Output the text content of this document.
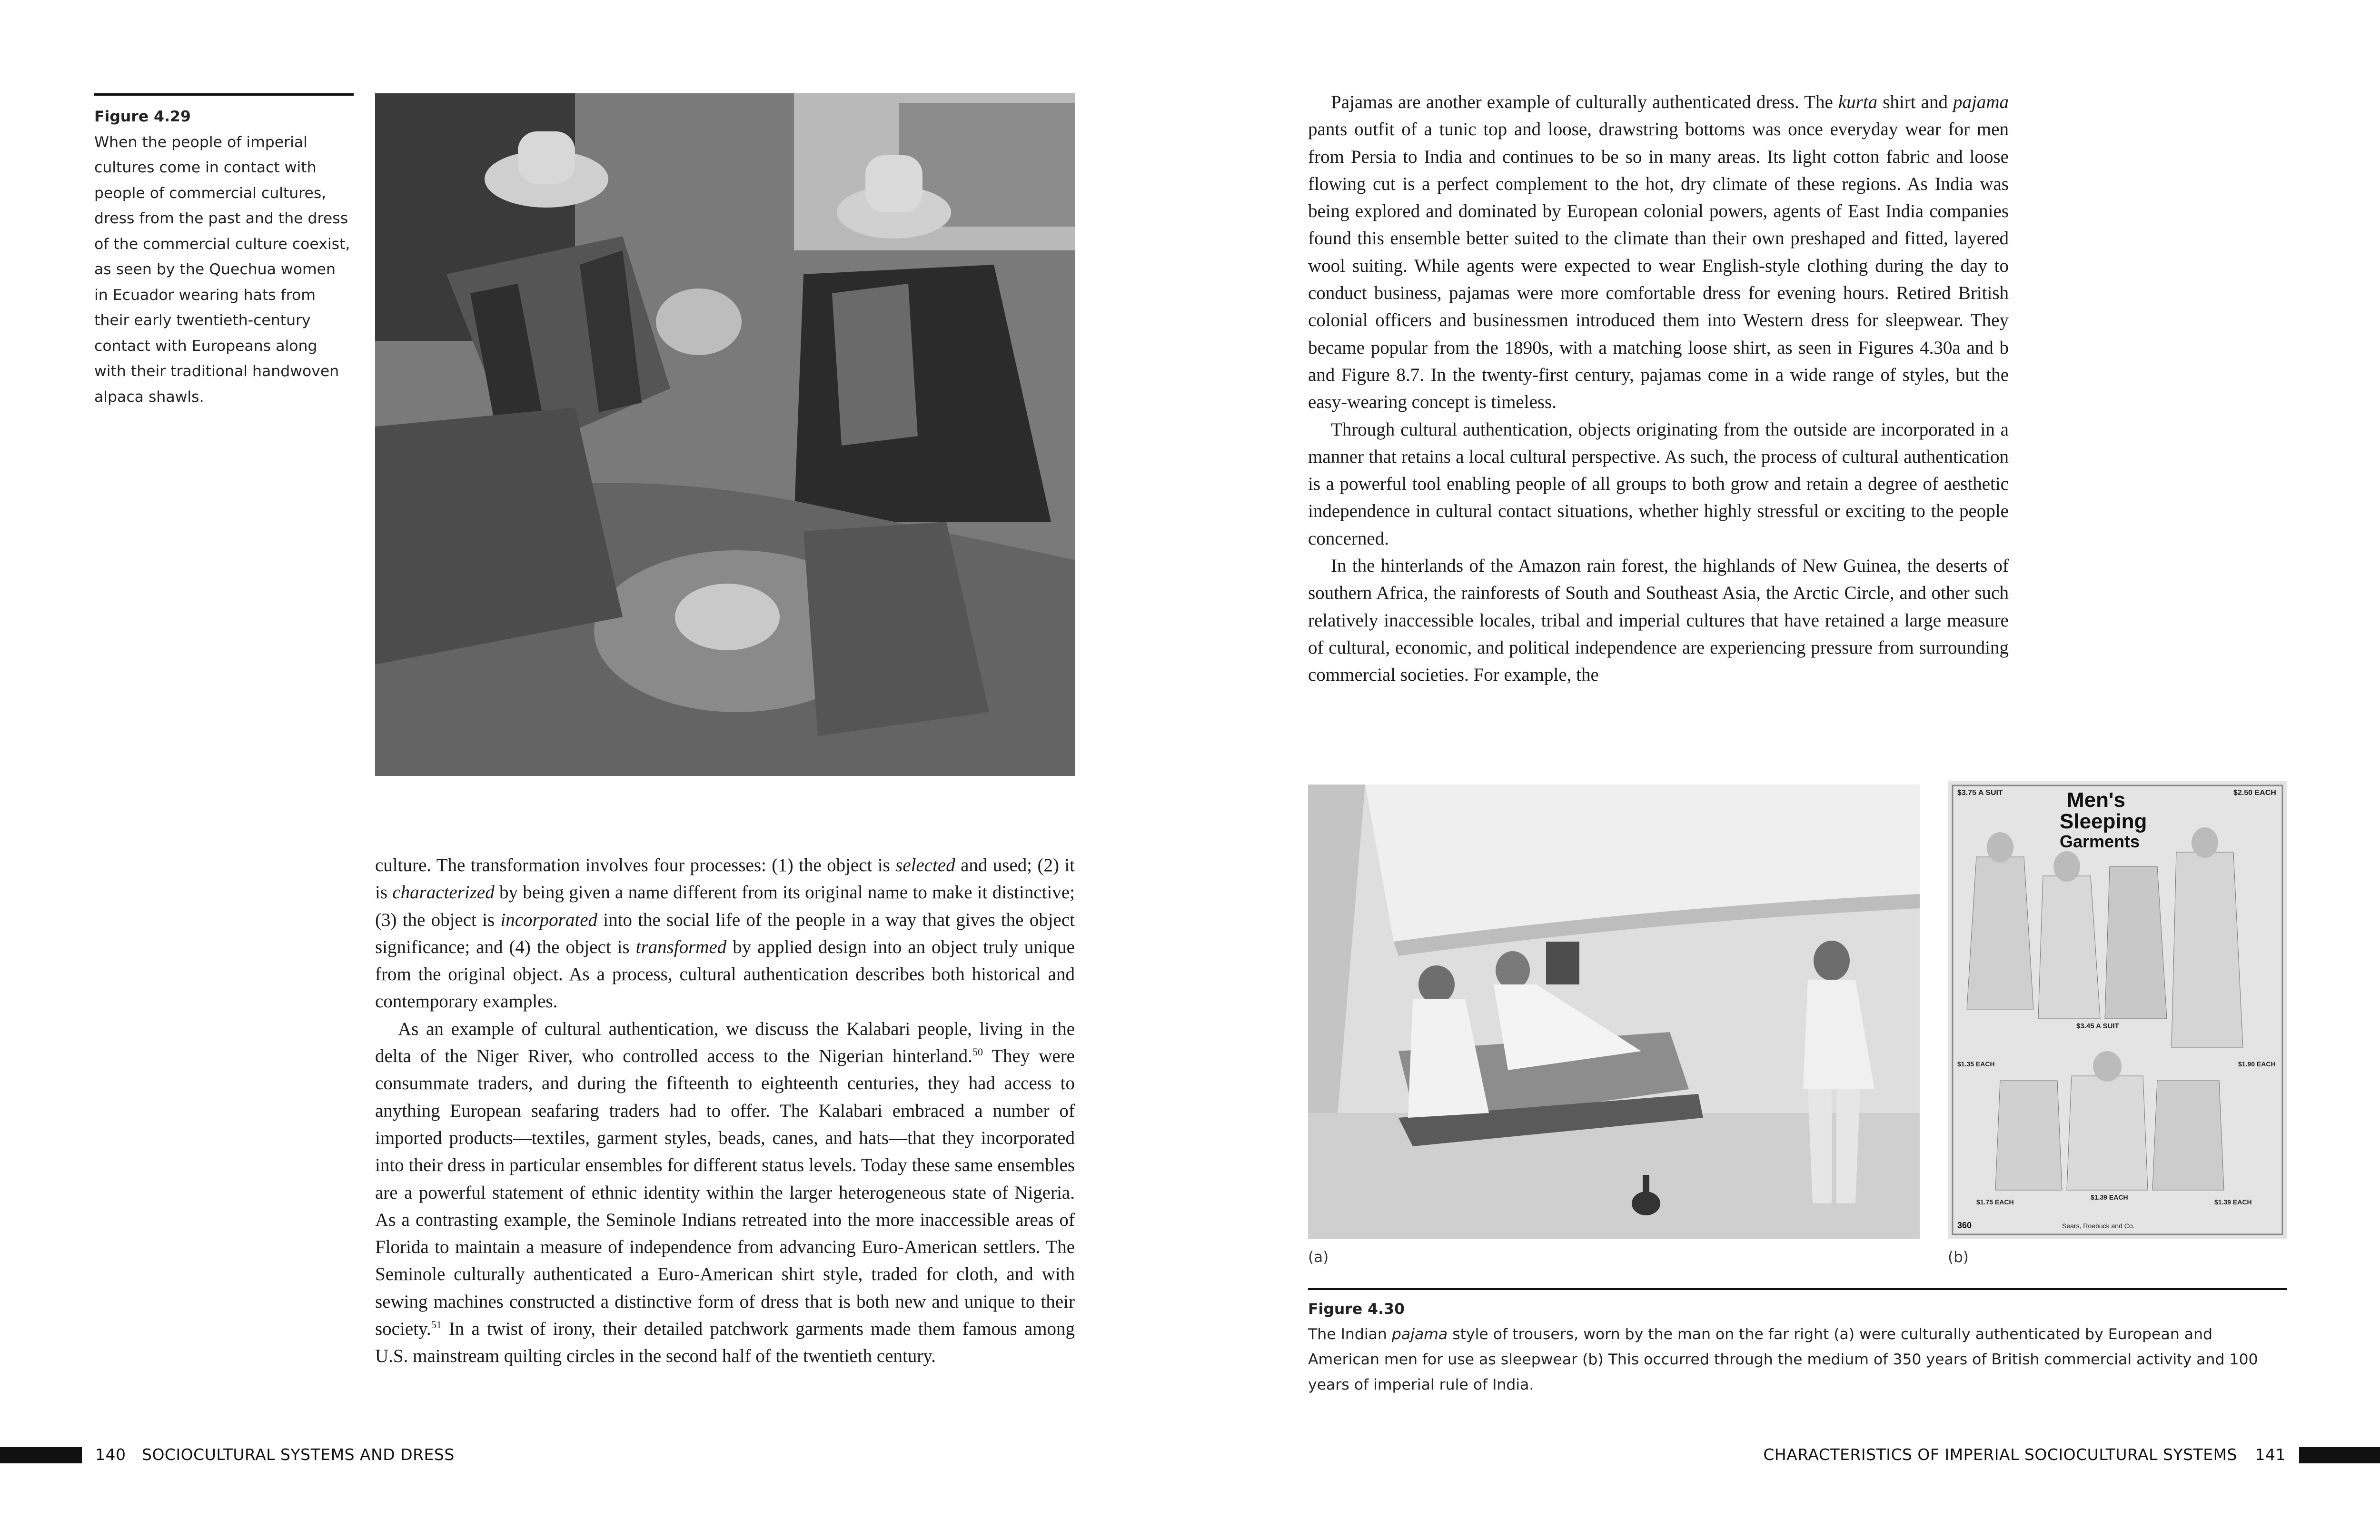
Figure 4.29
When the people of imperial cultures come in contact with people of commercial cultures, dress from the past and the dress of the commercial culture coexist, as seen by the Quechua women in Ecuador wearing hats from their early twentieth-century contact with Europeans along with their traditional handwoven alpaca shawls.

culture. The transformation involves four processes: (1) the object is selected and used; (2) it is characterized by being given a name different from its original name to make it distinctive; (3) the object is incorporated into the social life of the people in a way that gives the object significance; and (4) the object is transformed by applied design into an object truly unique from the original object. As a process, cultural authentication describes both historical and contemporary examples.

As an example of cultural authentication, we discuss the Kalabari people, living in the delta of the Niger River, who controlled access to the Nigerian hinterland.$^{50}$ They were consummate traders, and during the fifteenth to eighteenth centuries, they had access to anything European seafaring traders had to offer. The Kalabari embraced a number of imported products—textiles, garment styles, beads, canes, and hats—that they incorporated into their dress in particular ensembles for different status levels. Today these same ensembles are a powerful statement of ethnic identity within the larger heterogeneous state of Nigeria. As a contrasting example, the Seminole Indians retreated into the more inaccessible areas of Florida to maintain a measure of independence from advancing Euro-American settlers. The Seminole culturally authenticated a Euro-American shirt style, traded for cloth, and with sewing machines constructed a distinctive form of dress that is both new and unique to their society.$^{51}$ In a twist of irony, their detailed patchwork garments made them famous among U.S. mainstream quilting circles in the second half of the twentieth century.

Pajamas are another example of culturally authenticated dress. The kurta shirt and pajama pants outfit of a tunic top and loose, drawstring bottoms was once everyday wear for men from Persia to India and continues to be so in many areas. Its light cotton fabric and loose flowing cut is a perfect complement to the hot, dry climate of these regions. As India was being explored and dominated by European colonial powers, agents of East India companies found this ensemble better suited to the climate than their own preshaped and fitted, layered wool suiting. While agents were expected to wear English-style clothing during the day to conduct business, pajamas were more comfortable dress for evening hours. Retired British colonial officers and businessmen introduced them into Western dress for sleepwear. They became popular from the 1890s, with a matching loose shirt, as seen in Figures 4.30a and b and Figure 8.7. In the twenty-first century, pajamas come in a wide range of styles, but the easy-wearing concept is timeless.

Through cultural authentication, objects originating from the outside are incorporated in a manner that retains a local cultural perspective. As such, the process of cultural authentication is a powerful tool enabling people of all groups to both grow and retain a degree of aesthetic independence in cultural contact situations, whether highly stressful or exciting to the people concerned.

In the hinterlands of the Amazon rain forest, the highlands of New Guinea, the deserts of southern Africa, the rainforests of South and Southeast Asia, the Arctic Circle, and other such relatively inaccessible locales, tribal and imperial cultures that have retained a large measure of cultural, economic, and political independence are experiencing pressure from surrounding commercial societies. For example, the

$3.75 A SUIT	$2.50 EACH
Men's
Sleeping
Garments
$3.45 A SUIT
$1.35 EACH	$1.90 EACH
$1.75 EACH
$1.39 EACH
$1.39 EACH
360	Sears, Roebuck and Co.
(a)	(b)
Figure 4.30
The Indian pajama style of trousers, worn by the man on the far right (a) were culturally authenticated by European and American men for use as sleepwear (b) This occurred through the medium of 350 years of British commercial activity and 100 years of imperial rule of India.
140 SOCIOCULTURAL SYSTEMS AND DRESS	CHARACTERISTICS OF IMPERIAL SOCIOCULTURAL SYSTEMS 141
